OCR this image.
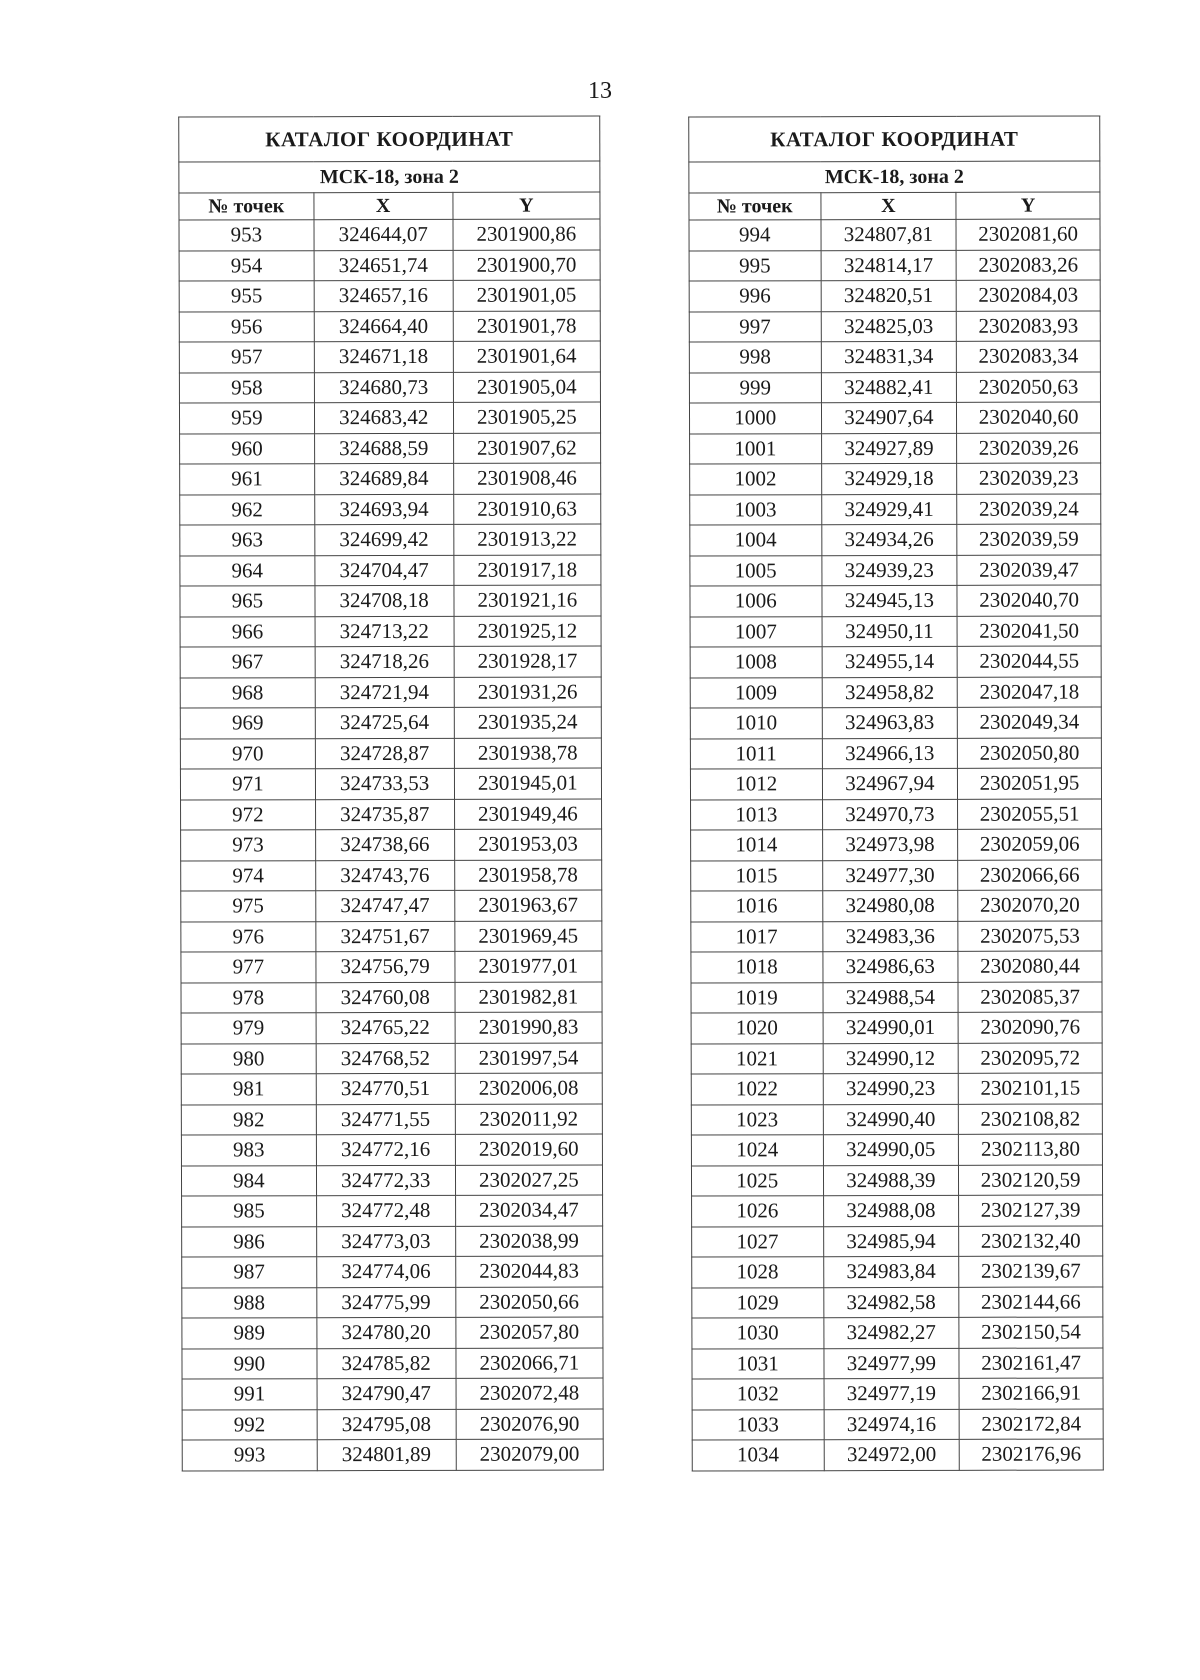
13
КАТАЛОГ КООРДИНАТ		
МСК-18, зона 2		
№ точек	X	Y
953	324644,07	2301900,86
954	324651,74	2301900,70
955	324657,16	2301901,05
956	324664,40	2301901,78
957	324671,18	2301901,64
958	324680,73	2301905,04
959	324683,42	2301905,25
960	324688,59	2301907,62
961	324689,84	2301908,46
962	324693,94	2301910,63
963	324699,42	2301913,22
964	324704,47	2301917,18
965	324708,18	2301921,16
966	324713,22	2301925,12
967	324718,26	2301928,17
968	324721,94	2301931,26
969	324725,64	2301935,24
970	324728,87	2301938,78
971	324733,53	2301945,01
972	324735,87	2301949,46
973	324738,66	2301953,03
974	324743,76	2301958,78
975	324747,47	2301963,67
976	324751,67	2301969,45
977	324756,79	2301977,01
978	324760,08	2301982,81
979	324765,22	2301990,83
980	324768,52	2301997,54
981	324770,51	2302006,08
982	324771,55	2302011,92
983	324772,16	2302019,60
984	324772,33	2302027,25
985	324772,48	2302034,47
986	324773,03	2302038,99
987	324774,06	2302044,83
988	324775,99	2302050,66
989	324780,20	2302057,80
990	324785,82	2302066,71
991	324790,47	2302072,48
992	324795,08	2302076,90
993	324801,89	2302079,00
КАТАЛОГ КООРДИНАТ		
МСК-18, зона 2		
№ точек	X	Y
994	324807,81	2302081,60
995	324814,17	2302083,26
996	324820,51	2302084,03
997	324825,03	2302083,93
998	324831,34	2302083,34
999	324882,41	2302050,63
1000	324907,64	2302040,60
1001	324927,89	2302039,26
1002	324929,18	2302039,23
1003	324929,41	2302039,24
1004	324934,26	2302039,59
1005	324939,23	2302039,47
1006	324945,13	2302040,70
1007	324950,11	2302041,50
1008	324955,14	2302044,55
1009	324958,82	2302047,18
1010	324963,83	2302049,34
1011	324966,13	2302050,80
1012	324967,94	2302051,95
1013	324970,73	2302055,51
1014	324973,98	2302059,06
1015	324977,30	2302066,66
1016	324980,08	2302070,20
1017	324983,36	2302075,53
1018	324986,63	2302080,44
1019	324988,54	2302085,37
1020	324990,01	2302090,76
1021	324990,12	2302095,72
1022	324990,23	2302101,15
1023	324990,40	2302108,82
1024	324990,05	2302113,80
1025	324988,39	2302120,59
1026	324988,08	2302127,39
1027	324985,94	2302132,40
1028	324983,84	2302139,67
1029	324982,58	2302144,66
1030	324982,27	2302150,54
1031	324977,99	2302161,47
1032	324977,19	2302166,91
1033	324974,16	2302172,84
1034	324972,00	2302176,96
